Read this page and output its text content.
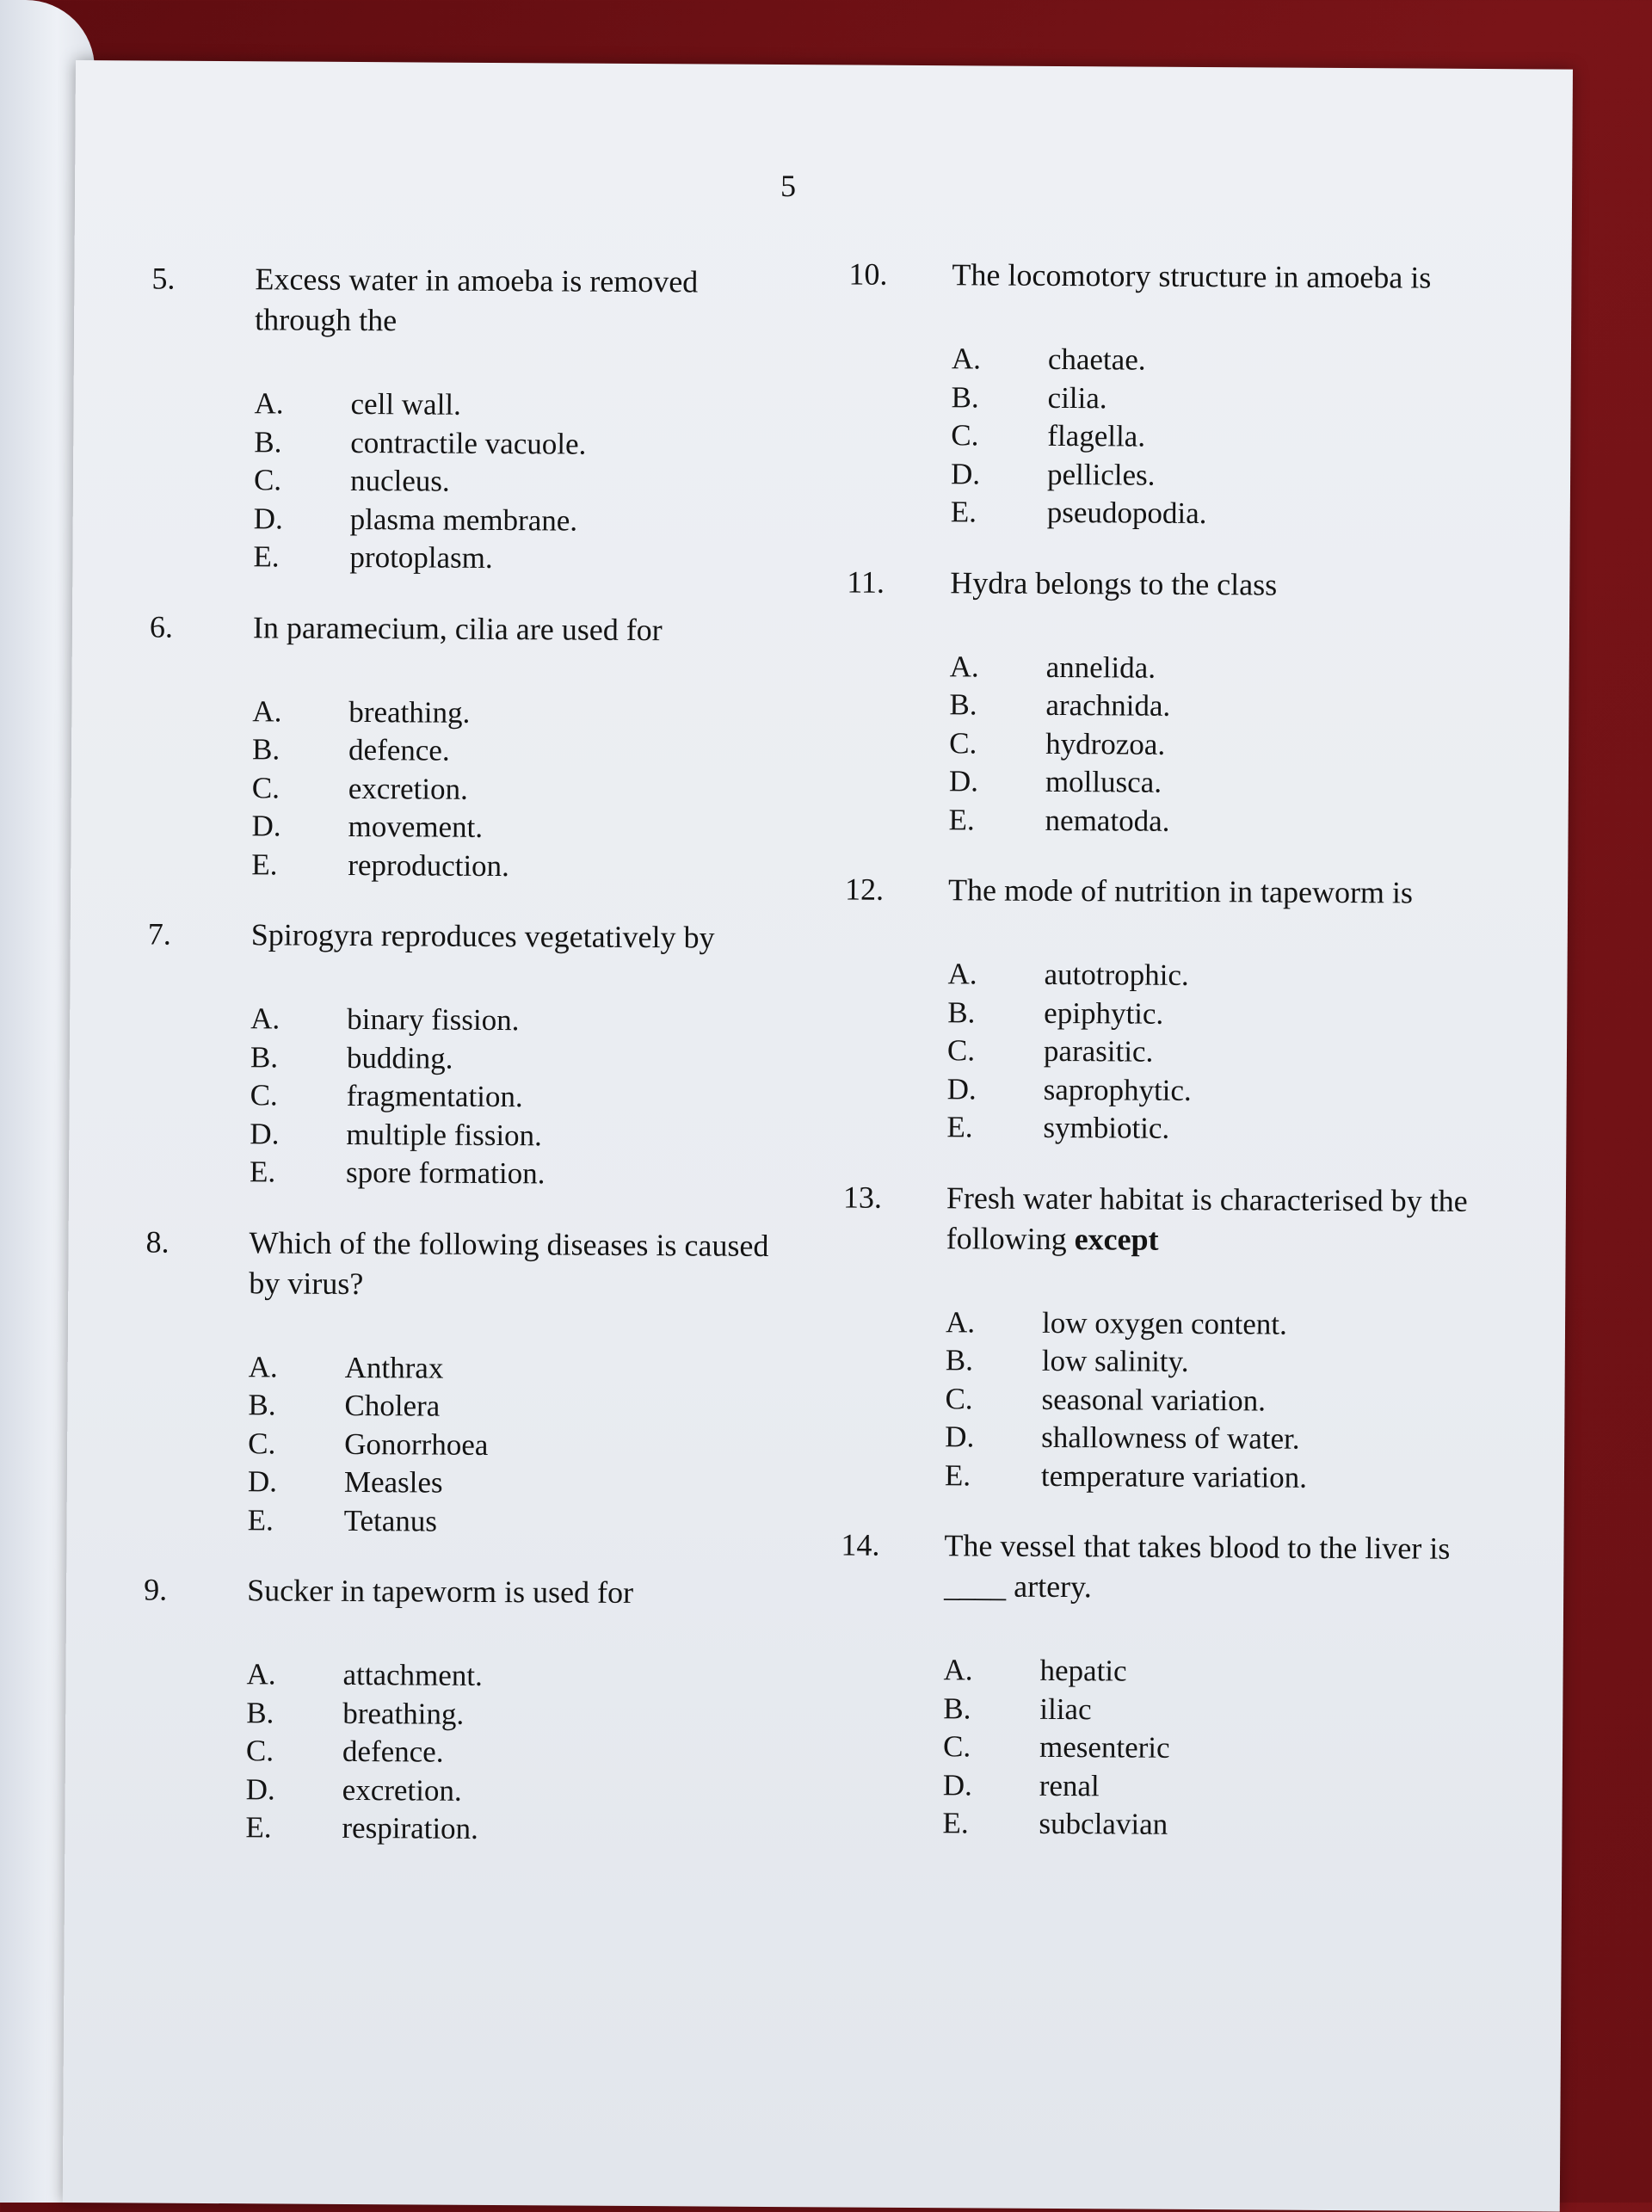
5
5.	Excess water in amoeba is removed through the
A.	cell wall.
B.	contractile vacuole.
C.	nucleus.
D.	plasma membrane.
E.	protoplasm.
6.	In paramecium, cilia are used for
A.	breathing.
B.	defence.
C.	excretion.
D.	movement.
E.	reproduction.
7.	Spirogyra reproduces vegetatively by
A.	binary fission.
B.	budding.
C.	fragmentation.
D.	multiple fission.
E.	spore formation.
8.	Which of the following diseases is caused by virus?
A.	Anthrax
B.	Cholera
C.	Gonorrhoea
D.	Measles
E.	Tetanus
9.	Sucker in tapeworm is used for
A.	attachment.
B.	breathing.
C.	defence.
D.	excretion.
E.	respiration.
10.	The locomotory structure in amoeba is
A.	chaetae.
B.	cilia.
C.	flagella.
D.	pellicles.
E.	pseudopodia.
11.	Hydra belongs to the class
A.	annelida.
B.	arachnida.
C.	hydrozoa.
D.	mollusca.
E.	nematoda.
12.	The mode of nutrition in tapeworm is
A.	autotrophic.
B.	epiphytic.
C.	parasitic.
D.	saprophytic.
E.	symbiotic.
13.	Fresh water habitat is characterised by the following except
A.	low oxygen content.
B.	low salinity.
C.	seasonal variation.
D.	shallowness of water.
E.	temperature variation.
14.	The vessel that takes blood to the liver is ____ artery.
A.	hepatic
B.	iliac
C.	mesenteric
D.	renal
E.	subclavian
